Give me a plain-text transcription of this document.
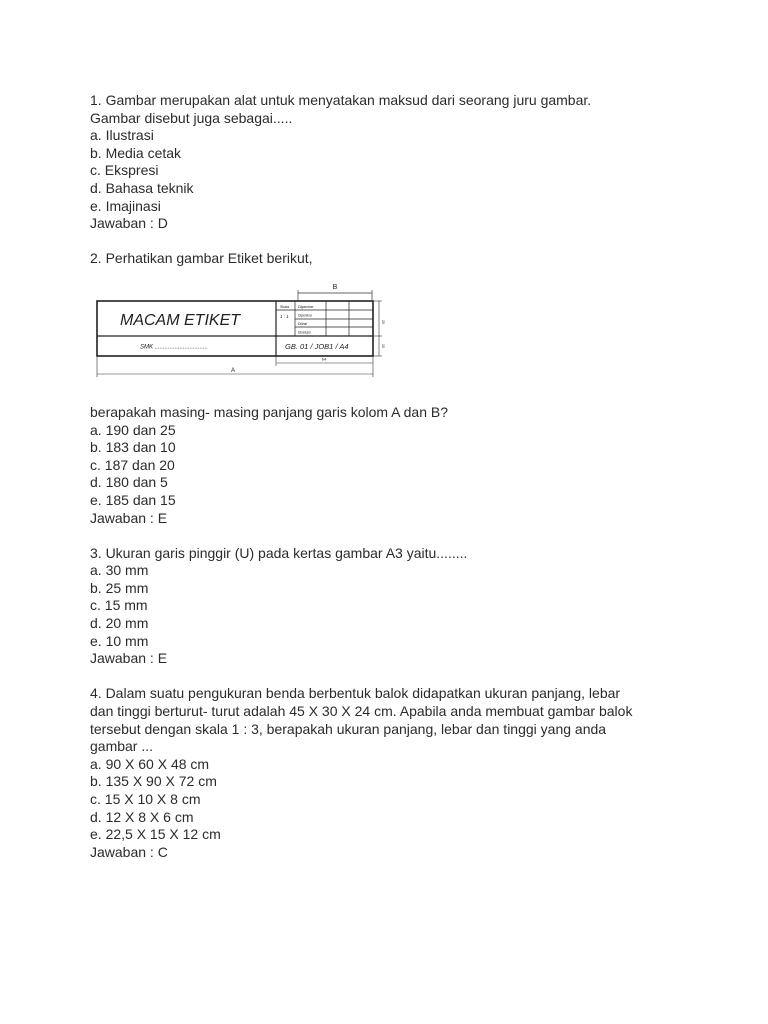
1. Gambar merupakan alat untuk menyatakan maksud dari seorang juru gambar.
Gambar disebut juga sebagai.....
a. Ilustrasi
b. Media cetak
c. Ekspresi
d. Bahasa teknik
e. Imajinasi
Jawaban : D
2. Perhatikan gambar Etiket berikut,
B
Skala	Digambar
1 : 1	Diperiksa
Dilihat
Disetujui
MACAM ETIKET
SMK ................................	GB. 01 / JOB1 / A4
25
15
64
A
berapakah masing- masing panjang garis kolom A dan B?
a. 190 dan 25
b. 183 dan 10
c. 187 dan 20
d. 180 dan 5
e. 185 dan 15
Jawaban : E
3. Ukuran garis pinggir (U) pada kertas gambar A3 yaitu........
a. 30 mm
b. 25 mm
c. 15 mm
d. 20 mm
e. 10 mm
Jawaban : E
4. Dalam suatu pengukuran benda berbentuk balok didapatkan ukuran panjang, lebar
dan tinggi berturut- turut adalah 45 X 30 X 24 cm. Apabila anda membuat gambar balok
tersebut dengan skala 1 : 3, berapakah ukuran panjang, lebar dan tinggi yang anda
gambar ...
a. 90 X 60 X 48 cm
b. 135 X 90 X 72 cm
c. 15 X 10 X 8 cm
d. 12 X 8 X 6 cm
e. 22,5 X 15 X 12 cm
Jawaban : C
